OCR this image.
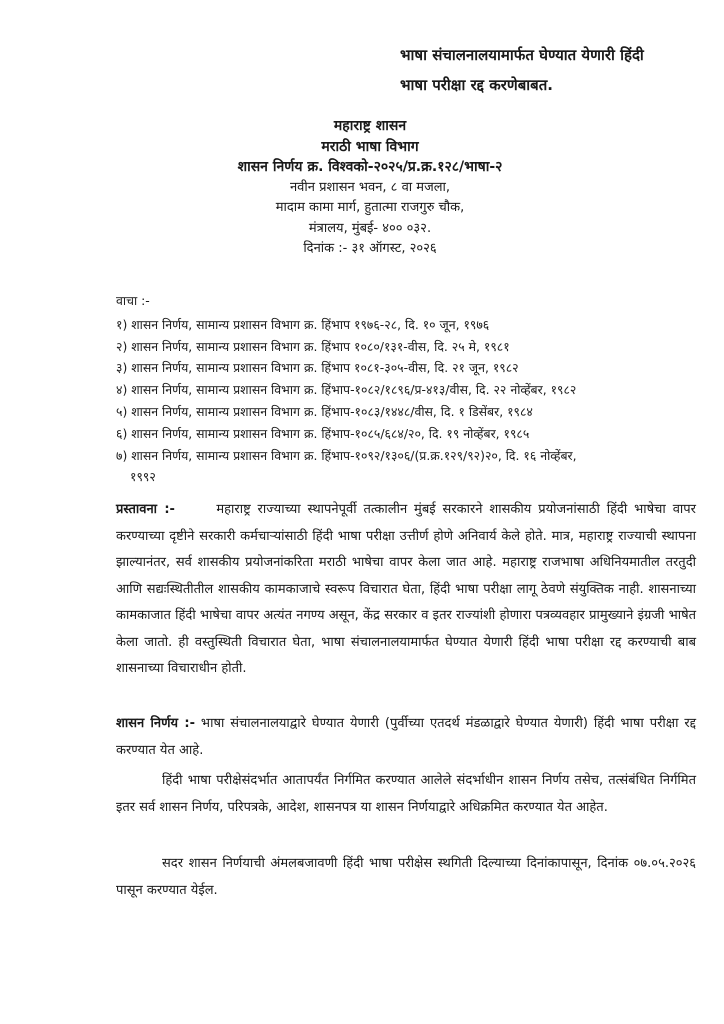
भाषा संचालनालयामार्फत घेण्यात येणारी हिंदी
भाषा परीक्षा रद्द करणेबाबत.
महाराष्ट्र शासन
मराठी भाषा विभाग
शासन निर्णय क्र. विश्वको-२०२५/प्र.क्र.१२८/भाषा-२
नवीन प्रशासन भवन, ८ वा मजला,
मादाम कामा मार्ग, हुतात्मा राजगुरु चौक,
मंत्रालय, मुंबई- ४०० ०३२.
दिनांक :- ३१ ऑगस्ट, २०२६
वाचा :-
१) शासन निर्णय, सामान्य प्रशासन विभाग क्र. हिंभाप १९७६-२८, दि. १० जून, १९७६
२) शासन निर्णय, सामान्य प्रशासन विभाग क्र. हिंभाप १०८०/१३१-वीस, दि. २५ मे, १९८१
३) शासन निर्णय, सामान्य प्रशासन विभाग क्र. हिंभाप १०८१-३०५-वीस, दि. २१ जून, १९८२
४) शासन निर्णय, सामान्य प्रशासन विभाग क्र. हिंभाप-१०८२/१८९६/प्र-४१३/वीस, दि. २२ नोव्हेंबर, १९८२
५) शासन निर्णय, सामान्य प्रशासन विभाग क्र. हिंभाप-१०८३/१४४८/वीस, दि. १ डिसेंबर, १९८४
६) शासन निर्णय, सामान्य प्रशासन विभाग क्र. हिंभाप-१०८५/६८४/२०, दि. १९ नोव्हेंबर, १९८५
७) शासन निर्णय, सामान्य प्रशासन विभाग क्र. हिंभाप-१०९२/१३०६/(प्र.क्र.१२९/९२)२०, दि. १६ नोव्हेंबर,
१९९२
प्रस्तावना :-      महाराष्ट्र राज्याच्या स्थापनेपूर्वी तत्कालीन मुंबई सरकारने शासकीय प्रयोजनांसाठी हिंदी भाषेचा वापर करण्याच्या दृष्टीने सरकारी कर्मचाऱ्यांसाठी हिंदी भाषा परीक्षा उत्तीर्ण होणे अनिवार्य केले होते. मात्र, महाराष्ट्र राज्याची स्थापना झाल्यानंतर, सर्व शासकीय प्रयोजनांकरिता मराठी भाषेचा वापर केला जात आहे. महाराष्ट्र राजभाषा अधिनियमातील तरतुदी आणि सद्यःस्थितीतील शासकीय कामकाजाचे स्वरूप विचारात घेता, हिंदी भाषा परीक्षा लागू ठेवणे संयुक्तिक नाही. शासनाच्या कामकाजात हिंदी भाषेचा वापर अत्यंत नगण्य असून, केंद्र सरकार व इतर राज्यांशी होणारा पत्रव्यवहार प्रामुख्याने इंग्रजी भाषेत केला जातो. ही वस्तुस्थिती विचारात घेता, भाषा संचालनालयामार्फत घेण्यात येणारी हिंदी भाषा परीक्षा रद्द करण्याची बाब शासनाच्या विचाराधीन होती.
शासन निर्णय :- भाषा संचालनालयाद्वारे घेण्यात येणारी (पुर्वीच्या एतदर्थ मंडळाद्वारे घेण्यात येणारी) हिंदी भाषा परीक्षा रद्द करण्यात येत आहे.
हिंदी भाषा परीक्षेसंदर्भात आतापर्यंत निर्गमित करण्यात आलेले संदर्भाधीन शासन निर्णय तसेच, तत्संबंधित निर्गमित इतर सर्व शासन निर्णय, परिपत्रके, आदेश, शासनपत्र या शासन निर्णयाद्वारे अधिक्रमित करण्यात येत आहेत.
सदर शासन निर्णयाची अंमलबजावणी हिंदी भाषा परीक्षेस स्थगिती दिल्याच्या दिनांकापासून, दिनांक ०७.०५.२०२६ पासून करण्यात येईल.
